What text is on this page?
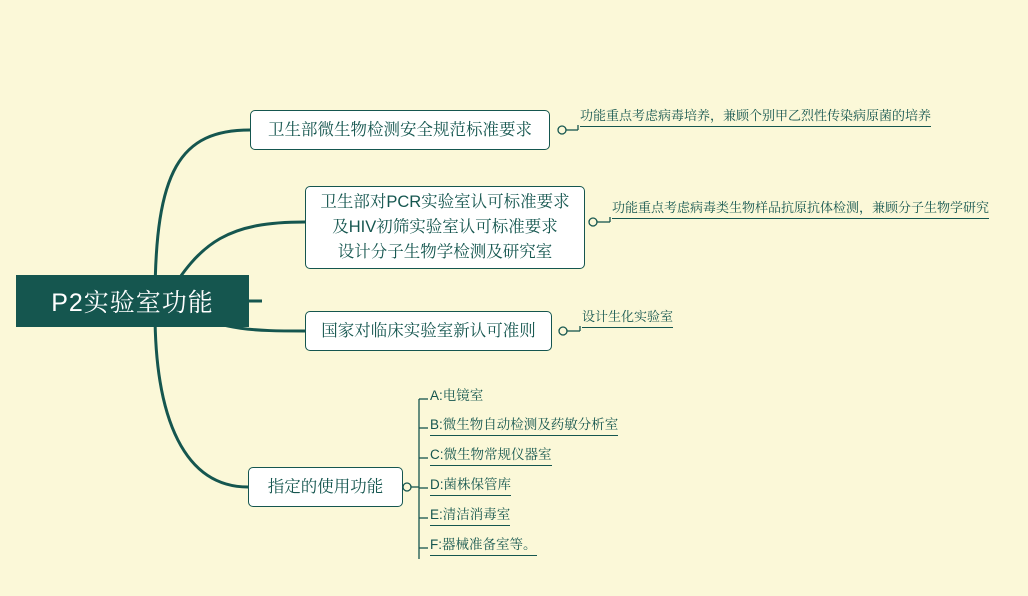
P2实验室功能
卫生部微生物检测安全规范标准要求
功能重点考虑病毒培养，兼顾个别甲乙烈性传染病原菌的培养
卫生部对PCR实验室认可标准要求
及HIV初筛实验室认可标准要求
设计分子生物学检测及研究室
功能重点考虑病毒类生物样品抗原抗体检测，兼顾分子生物学研究
国家对临床实验室新认可准则
设计生化实验室
指定的使用功能
A:电镜室
B:微生物自动检测及药敏分析室
C:微生物常规仪器室
D:菌株保管库
E:清洁消毒室
F:器械准备室等。
